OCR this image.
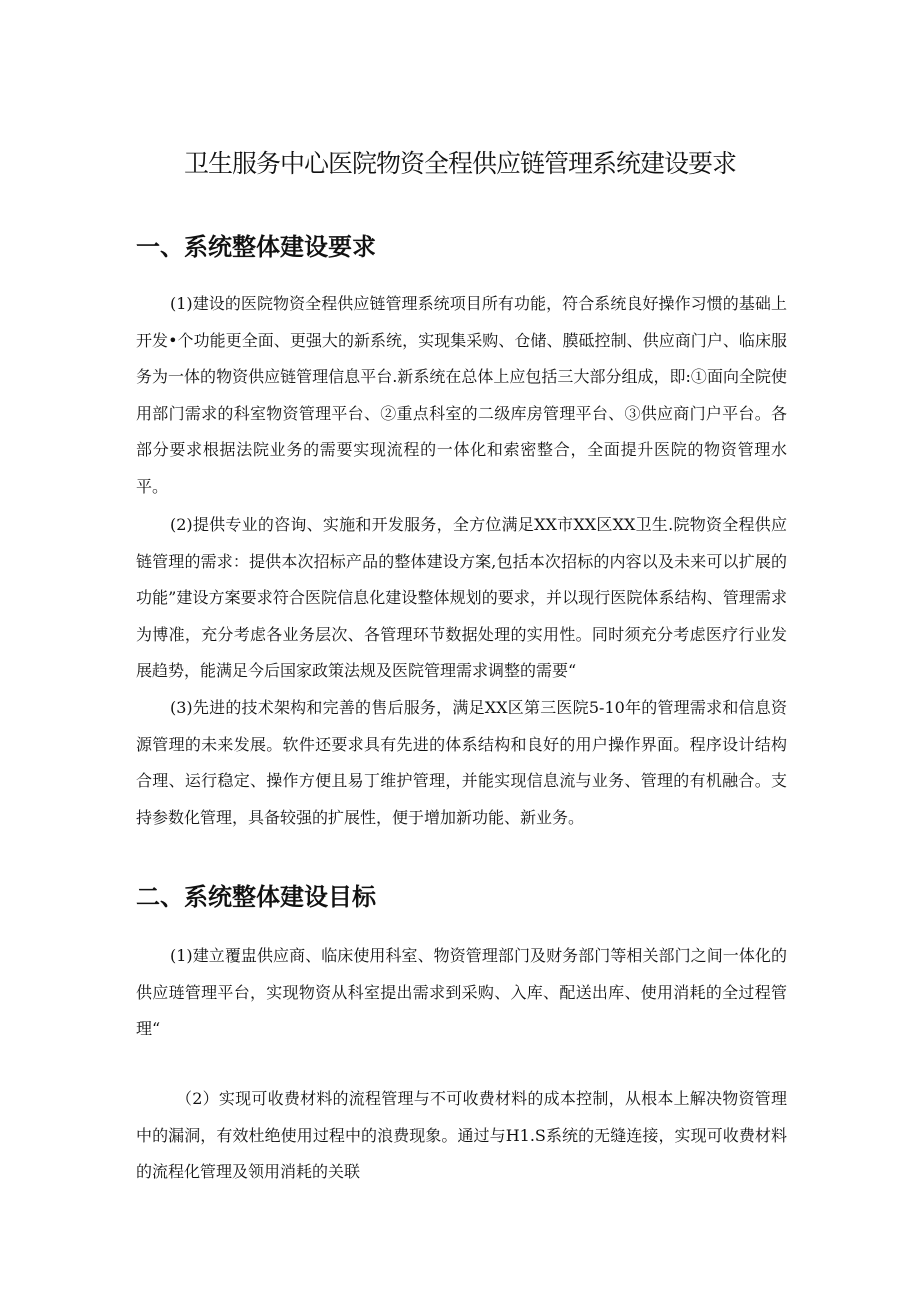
卫生服务中心医院物资全程供应链管理系统建设要求
一、系统整体建设要求

(1)建设的医院物资全程供应链管理系统项目所有功能，符合系统良好操作习惯的基础上开发•个功能更全面、更强大的新系统，实现集采购、仓储、膜砥控制、供应商门户、临床服务为一体的物资供应链管理信息平台.新系统在总体上应包括三大部分组成，即:①面向全院使用部门需求的科室物资管理平台、②重点科室的二级库房管理平台、③供应商门户平台。各部分要求根据法院业务的需要实现流程的一体化和索密整合，全面提升医院的物资管理水平。

(2)提供专业的咨询、实施和开发服务，全方位满足XX市XX区XX卫生.院物资全程供应链管理的需求：提供本次招标产品的整体建设方案,包括本次招标的内容以及未来可以扩展的功能”建设方案要求符合医院信息化建设整体规划的要求，并以现行医院体系结构、管理需求为博准，充分考虑各业务层次、各管理环节数据处理的实用性。同时须充分考虑医疗行业发展趋势，能满足今后国家政策法规及医院管理需求调整的需要“

(3)先进的技术架构和完善的售后服务，满足XX区第三医院5-10年的管理需求和信息资源管理的未来发展。软件还要求具有先进的体系结构和良好的用户操作界面。程序设计结构合理、运行稳定、操作方便且易丁维护管理，并能实现信息流与业务、管理的有机融合。支持参数化管理，具备较强的扩展性，便于增加新功能、新业务。

二、系统整体建设目标

(1)建立覆盅供应商、临床使用科室、物资管理部门及财务部门等相关部门之间一体化的供应琏管理平台，实现物资从科室提出需求到采购、入库、配送出库、使用消耗的全过程管理“

（2）实现可收费材料的流程管理与不可收费材料的成本控制，从根本上解决物资管理中的漏洞，有效杜绝使用过程中的浪费现象。通过与H1.S系统的无缝连接，实现可收费材料的流程化管理及领用消耗的关联
